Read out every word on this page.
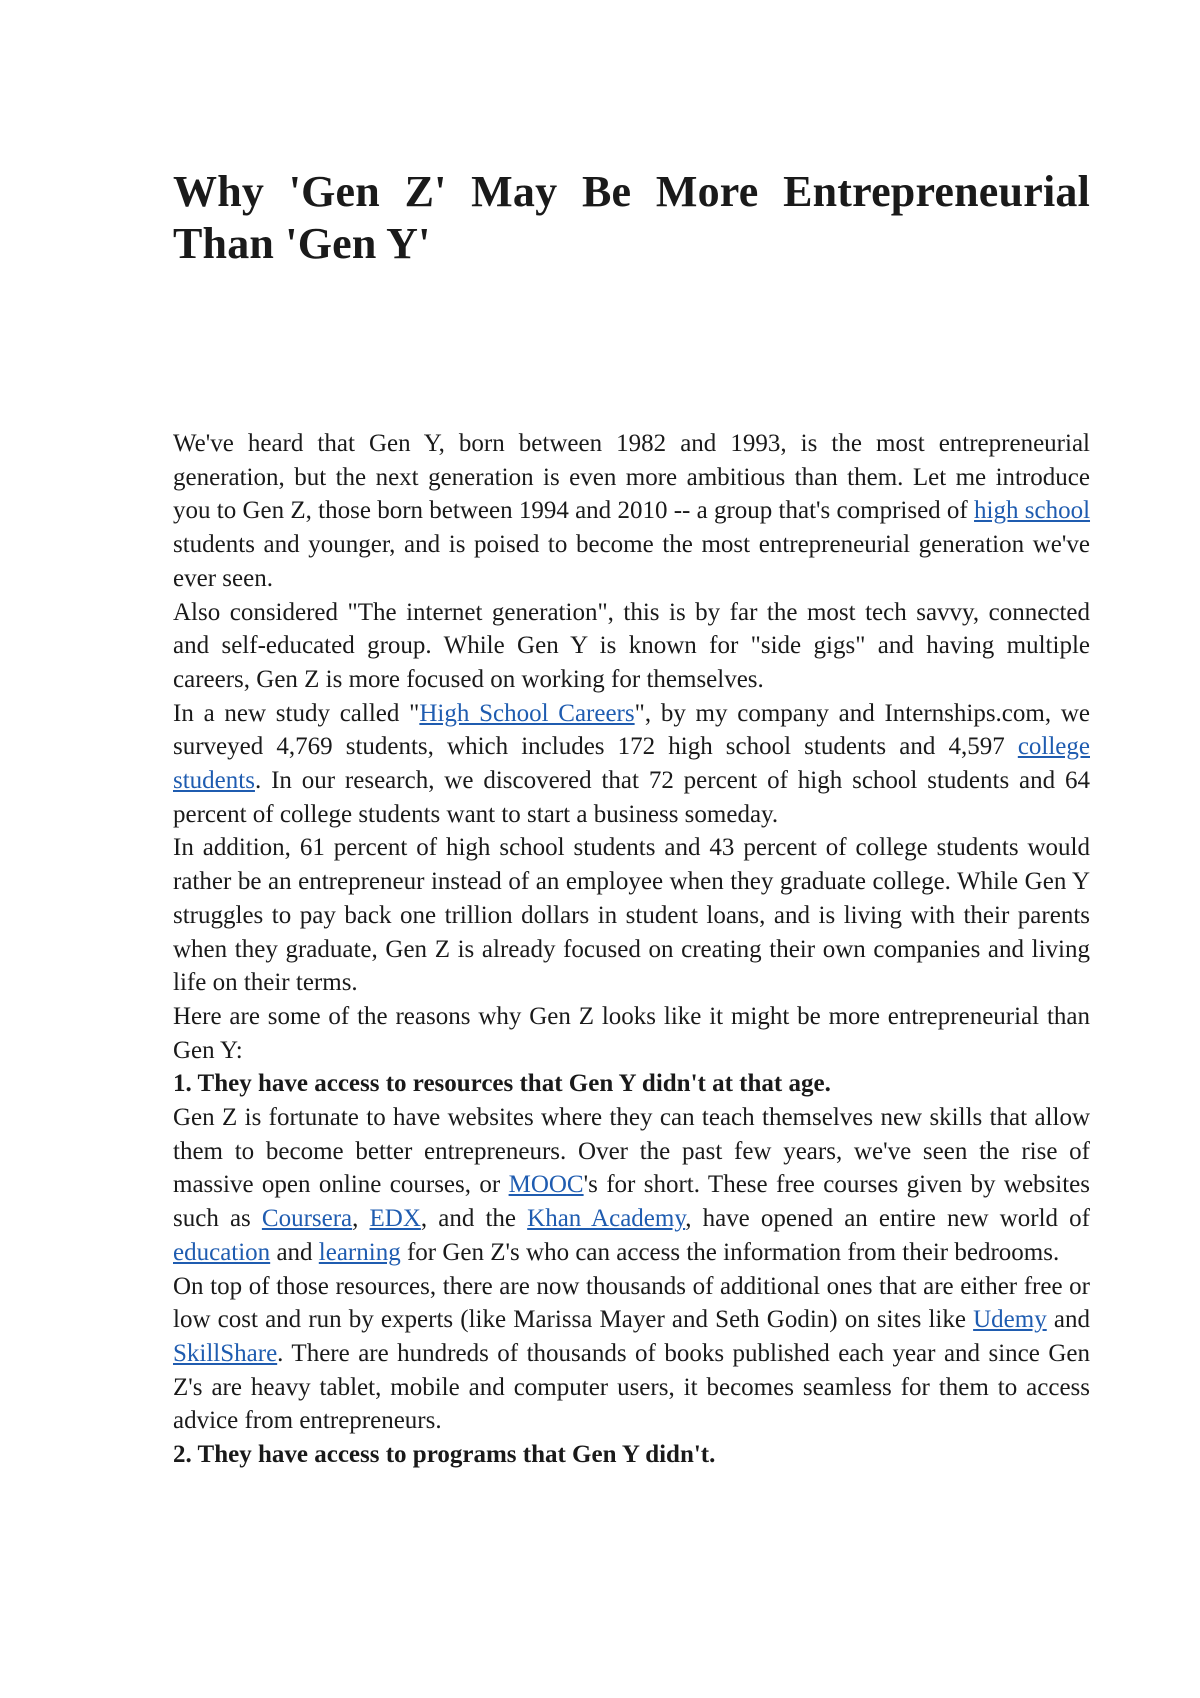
Why 'Gen Z' May Be More Entrepreneurial Than 'Gen Y'

We've heard that Gen Y, born between 1982 and 1993, is the most entrepreneurial generation, but the next generation is even more ambitious than them. Let me introduce you to Gen Z, those born between 1994 and 2010 -- a group that's comprised of high school students and younger, and is poised to become the most entrepreneurial generation we've ever seen.

Also considered "The internet generation", this is by far the most tech savvy, connected and self-educated group. While Gen Y is known for "side gigs" and having multiple careers, Gen Z is more focused on working for themselves.

In a new study called "High School Careers", by my company and Internships.com, we surveyed 4,769 students, which includes 172 high school students and 4,597 college students. In our research, we discovered that 72 percent of high school students and 64 percent of college students want to start a business someday.

In addition, 61 percent of high school students and 43 percent of college students would rather be an entrepreneur instead of an employee when they graduate college. While Gen Y struggles to pay back one trillion dollars in student loans, and is living with their parents when they graduate, Gen Z is already focused on creating their own companies and living life on their terms.

Here are some of the reasons why Gen Z looks like it might be more entrepreneurial than Gen Y:

1. They have access to resources that Gen Y didn't at that age.

Gen Z is fortunate to have websites where they can teach themselves new skills that allow them to become better entrepreneurs. Over the past few years, we've seen the rise of massive open online courses, or MOOC's for short. These free courses given by websites such as Coursera, EDX, and the Khan Academy, have opened an entire new world of education and learning for Gen Z's who can access the information from their bedrooms.

On top of those resources, there are now thousands of additional ones that are either free or low cost and run by experts (like Marissa Mayer and Seth Godin) on sites like Udemy and SkillShare. There are hundreds of thousands of books published each year and since Gen Z's are heavy tablet, mobile and computer users, it becomes seamless for them to access advice from entrepreneurs.

2. They have access to programs that Gen Y didn't.
